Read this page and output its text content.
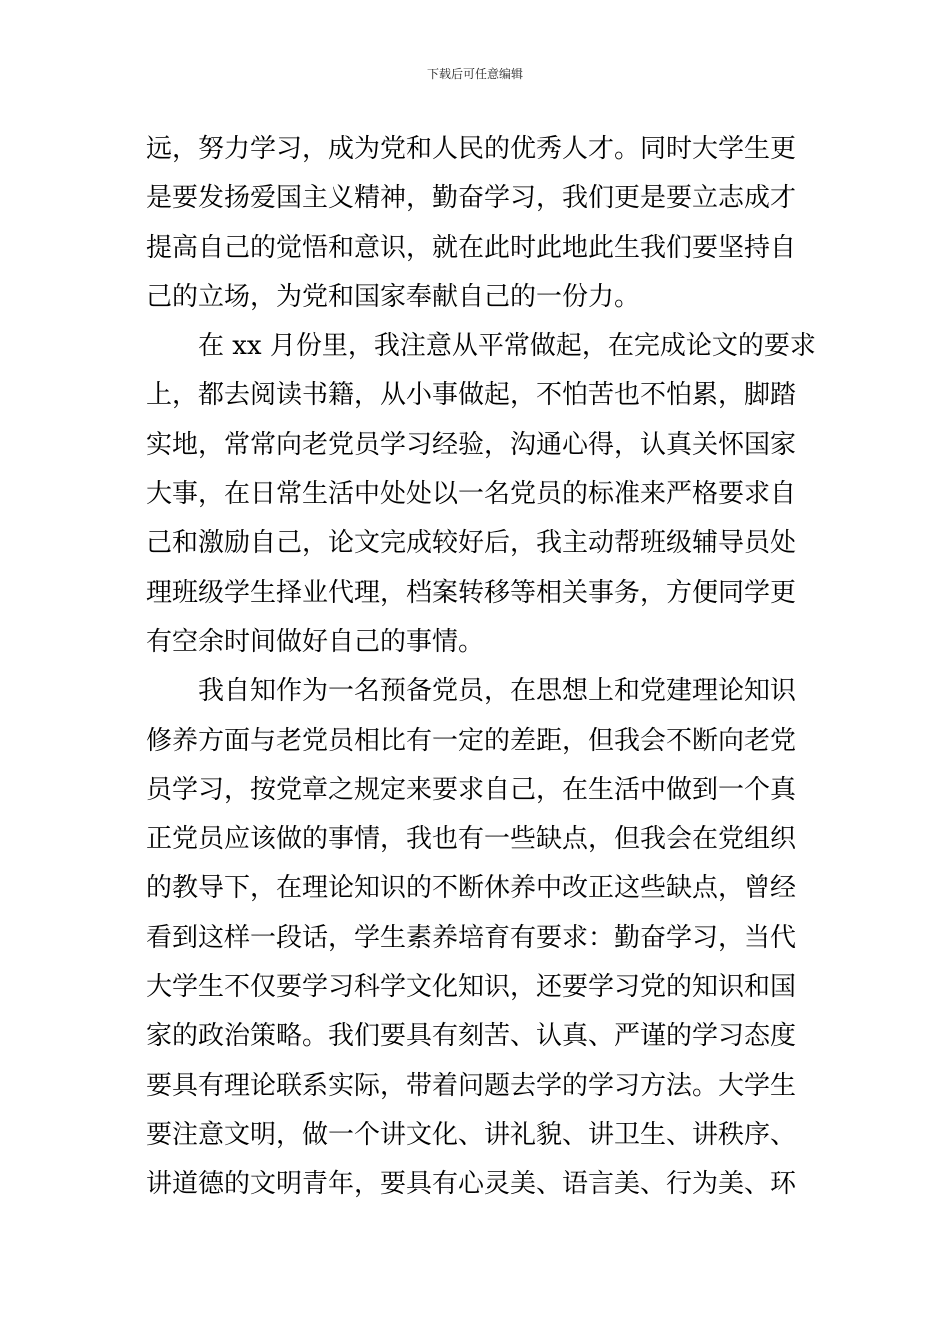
下载后可任意编辑
远，努力学习，成为党和人民的优秀人才。同时大学生更
是要发扬爱国主义精神，勤奋学习，我们更是要立志成才
提高自己的觉悟和意识，就在此时此地此生我们要坚持自
己的立场，为党和国家奉献自己的一份力。
在 xx 月份里，我注意从平常做起，在完成论文的要求
上，都去阅读书籍，从小事做起，不怕苦也不怕累，脚踏
实地，常常向老党员学习经验，沟通心得，认真关怀国家
大事，在日常生活中处处以一名党员的标准来严格要求自
己和激励自己，论文完成较好后，我主动帮班级辅导员处
理班级学生择业代理，档案转移等相关事务，方便同学更
有空余时间做好自己的事情。
我自知作为一名预备党员，在思想上和党建理论知识
修养方面与老党员相比有一定的差距，但我会不断向老党
员学习，按党章之规定来要求自己，在生活中做到一个真
正党员应该做的事情，我也有一些缺点，但我会在党组织
的教导下，在理论知识的不断休养中改正这些缺点，曾经
看到这样一段话，学生素养培育有要求：勤奋学习，当代
大学生不仅要学习科学文化知识，还要学习党的知识和国
家的政治策略。我们要具有刻苦、认真、严谨的学习态度
要具有理论联系实际，带着问题去学的学习方法。大学生
要注意文明，做一个讲文化、讲礼貌、讲卫生、讲秩序、
讲道德的文明青年，要具有心灵美、语言美、行为美、环
